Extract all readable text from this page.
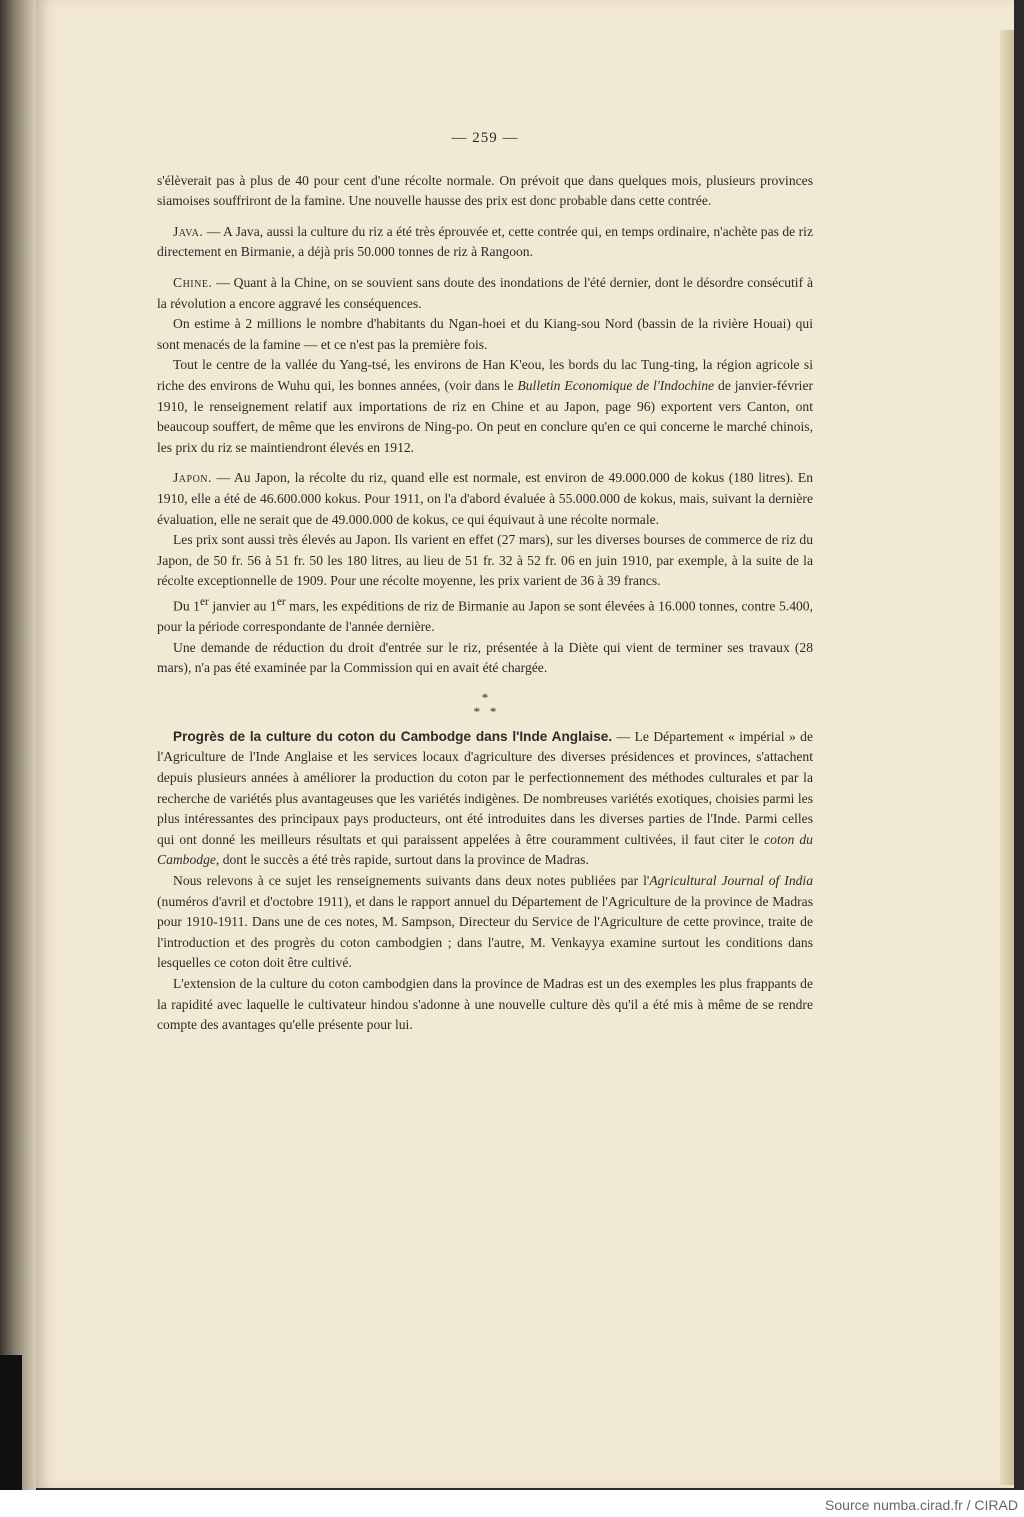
— 259 —

s'élèverait pas à plus de 40 pour cent d'une récolte normale. On prévoit que dans quelques mois, plusieurs provinces siamoises souffriront de la famine. Une nouvelle hausse des prix est donc probable dans cette contrée.

Java. — A Java, aussi la culture du riz a été très éprouvée et, cette contrée qui, en temps ordinaire, n'achète pas de riz directement en Birmanie, a déjà pris 50.000 tonnes de riz à Rangoon.

Chine. — Quant à la Chine, on se souvient sans doute des inondations de l'été dernier, dont le désordre consécutif à la révolution a encore aggravé les conséquences.

On estime à 2 millions le nombre d'habitants du Ngan-hoei et du Kiang-sou Nord (bassin de la rivière Houai) qui sont menacés de la famine — et ce n'est pas la première fois.

Tout le centre de la vallée du Yang-tsé, les environs de Han K'eou, les bords du lac Tung-ting, la région agricole si riche des environs de Wuhu qui, les bonnes années, (voir dans le Bulletin Economique de l'Indochine de janvier-février 1910, le renseignement relatif aux importations de riz en Chine et au Japon, page 96) exportent vers Canton, ont beaucoup souffert, de même que les environs de Ning-po. On peut en conclure qu'en ce qui concerne le marché chinois, les prix du riz se maintiendront élevés en 1912.

Japon. — Au Japon, la récolte du riz, quand elle est normale, est environ de 49.000.000 de kokus (180 litres). En 1910, elle a été de 46.600.000 kokus. Pour 1911, on l'a d'abord évaluée à 55.000.000 de kokus, mais, suivant la dernière évaluation, elle ne serait que de 49.000.000 de kokus, ce qui équivaut à une récolte normale.

Les prix sont aussi très élevés au Japon. Ils varient en effet (27 mars), sur les diverses bourses de commerce de riz du Japon, de 50 fr. 56 à 51 fr. 50 les 180 litres, au lieu de 51 fr. 32 à 52 fr. 06 en juin 1910, par exemple, à la suite de la récolte exceptionnelle de 1909. Pour une récolte moyenne, les prix varient de 36 à 39 francs.

Du 1er janvier au 1er mars, les expéditions de riz de Birmanie au Japon se sont élevées à 16.000 tonnes, contre 5.400, pour la période correspondante de l'année dernière.

Une demande de réduction du droit d'entrée sur le riz, présentée à la Diète qui vient de terminer ses travaux (28 mars), n'a pas été examinée par la Commission qui en avait été chargée.

*
*   *

Progrès de la culture du coton du Cambodge dans l'Inde Anglaise. — Le Département « impérial » de l'Agriculture de l'Inde Anglaise et les services locaux d'agriculture des diverses présidences et provinces, s'attachent depuis plusieurs années à améliorer la production du coton par le perfectionnement des méthodes culturales et par la recherche de variétés plus avantageuses que les variétés indigènes. De nombreuses variétés exotiques, choisies parmi les plus intéressantes des principaux pays producteurs, ont été introduites dans les diverses parties de l'Inde. Parmi celles qui ont donné les meilleurs résultats et qui paraissent appelées à être couramment cultivées, il faut citer le coton du Cambodge, dont le succès a été très rapide, surtout dans la province de Madras.

Nous relevons à ce sujet les renseignements suivants dans deux notes publiées par l'Agricultural Journal of India (numéros d'avril et d'octobre 1911), et dans le rapport annuel du Département de l'Agriculture de la province de Madras pour 1910-1911. Dans une de ces notes, M. Sampson, Directeur du Service de l'Agriculture de cette province, traite de l'introduction et des progrès du coton cambodgien ; dans l'autre, M. Venkayya examine surtout les conditions dans lesquelles ce coton doit être cultivé.

L'extension de la culture du coton cambodgien dans la province de Madras est un des exemples les plus frappants de la rapidité avec laquelle le cultivateur hindou s'adonne à une nouvelle culture dès qu'il a été mis à même de se rendre compte des avantages qu'elle présente pour lui.

Source numba.cirad.fr / CIRAD
